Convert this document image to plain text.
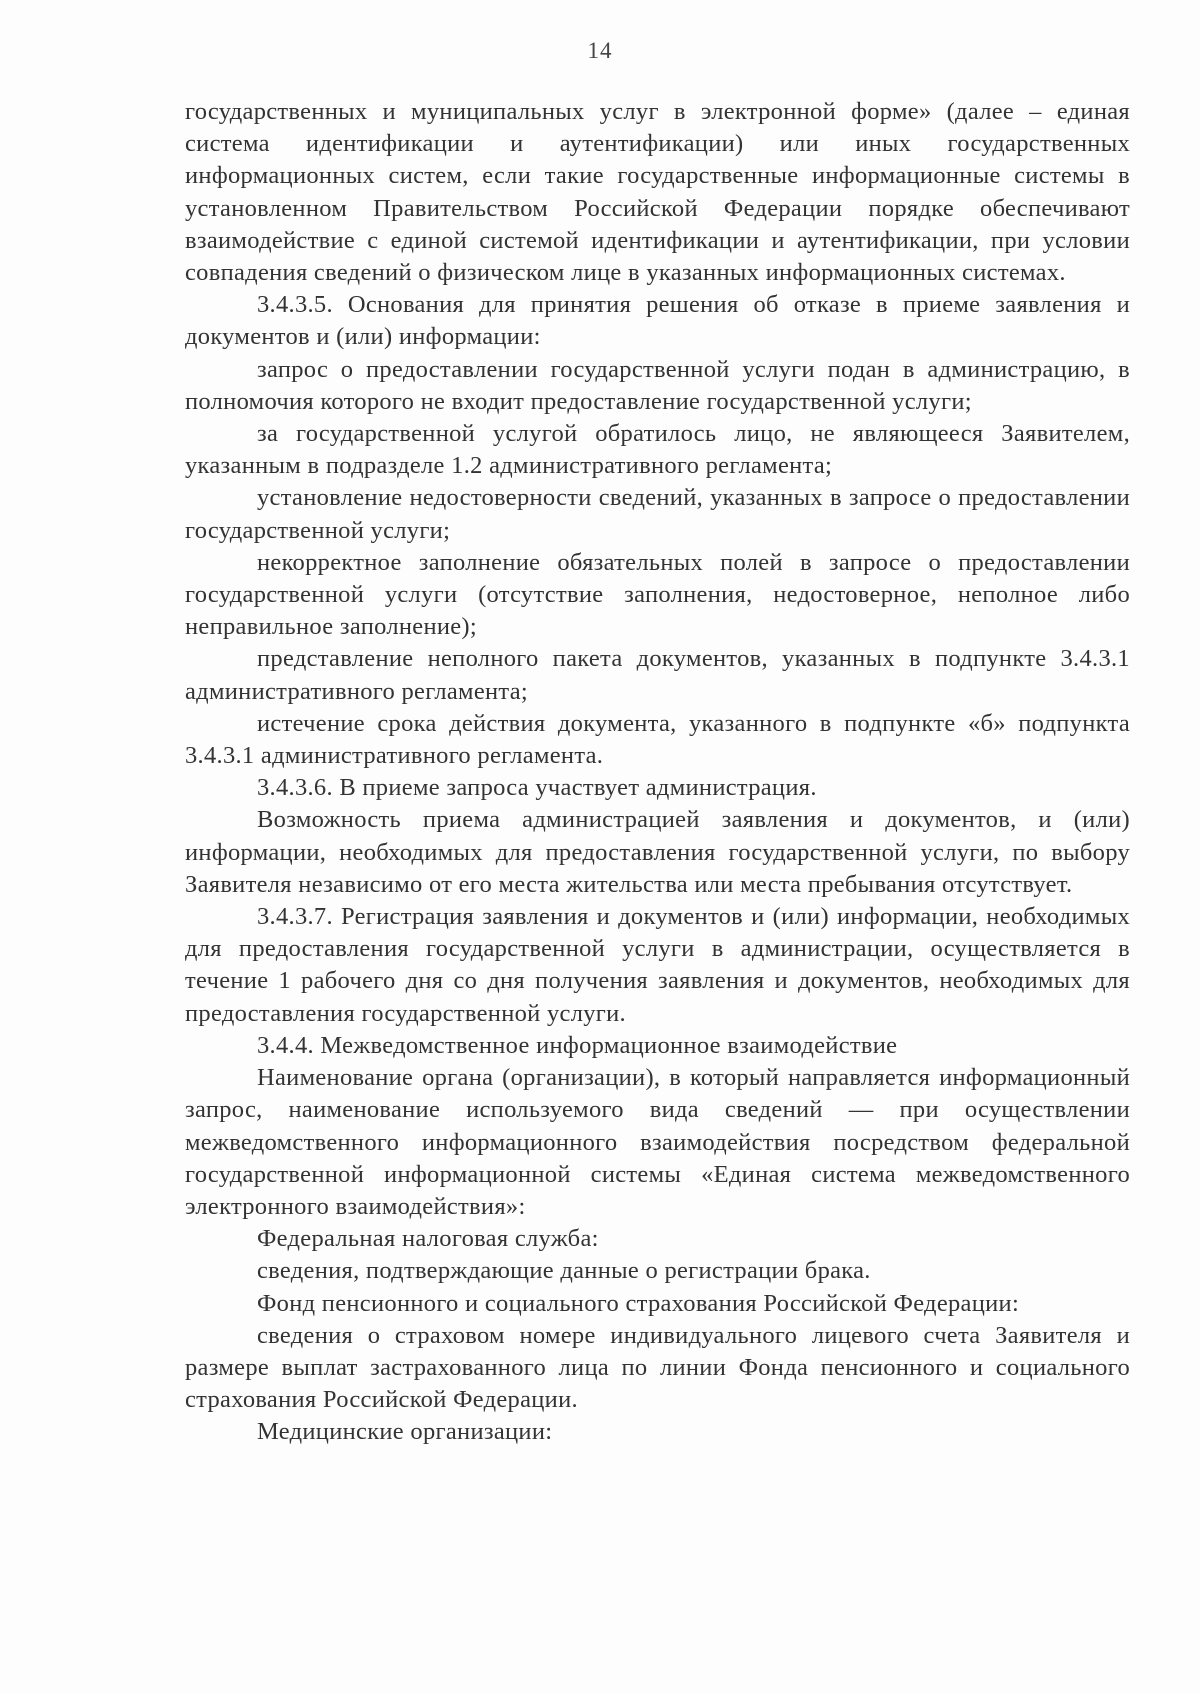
14

государственных и муниципальных услуг в электронной форме» (далее – единая система идентификации и аутентификации) или иных государственных информационных систем, если такие государственные информационные системы в установленном Правительством Российской Федерации порядке обеспечивают взаимодействие с единой системой идентификации и аутентификации, при условии совпадения сведений о физическом лице в указанных информационных системах.

3.4.3.5. Основания для принятия решения об отказе в приеме заявления и документов и (или) информации:

запрос о предоставлении государственной услуги подан в администрацию, в полномочия которого не входит предоставление государственной услуги;

за государственной услугой обратилось лицо, не являющееся Заявителем, указанным в подразделе 1.2 административного регламента;

установление недостоверности сведений, указанных в запросе о предоставлении государственной услуги;

некорректное заполнение обязательных полей в запросе о предоставлении государственной услуги (отсутствие заполнения, недостоверное, неполное либо неправильное заполнение);

представление неполного пакета документов, указанных в подпункте 3.4.3.1 административного регламента;

истечение срока действия документа, указанного в подпункте «б» подпункта 3.4.3.1 административного регламента.

3.4.3.6. В приеме запроса участвует администрация.

Возможность приема администрацией заявления и документов, и (или) информации, необходимых для предоставления государственной услуги, по выбору Заявителя независимо от его места жительства или места пребывания отсутствует.

3.4.3.7. Регистрация заявления и документов и (или) информации, необходимых для предоставления государственной услуги в администрации, осуществляется в течение 1 рабочего дня со дня получения заявления и документов, необходимых для предоставления государственной услуги.

3.4.4. Межведомственное информационное взаимодействие

Наименование органа (организации), в который направляется информационный запрос, наименование используемого вида сведений — при осуществлении межведомственного информационного взаимодействия посредством федеральной государственной информационной системы «Единая система межведомственного электронного взаимодействия»:

Федеральная налоговая служба:

сведения, подтверждающие данные о регистрации брака.

Фонд пенсионного и социального страхования Российской Федерации:

сведения о страховом номере индивидуального лицевого счета Заявителя и размере выплат застрахованного лица по линии Фонда пенсионного и социального страхования Российской Федерации.

Медицинские организации:
